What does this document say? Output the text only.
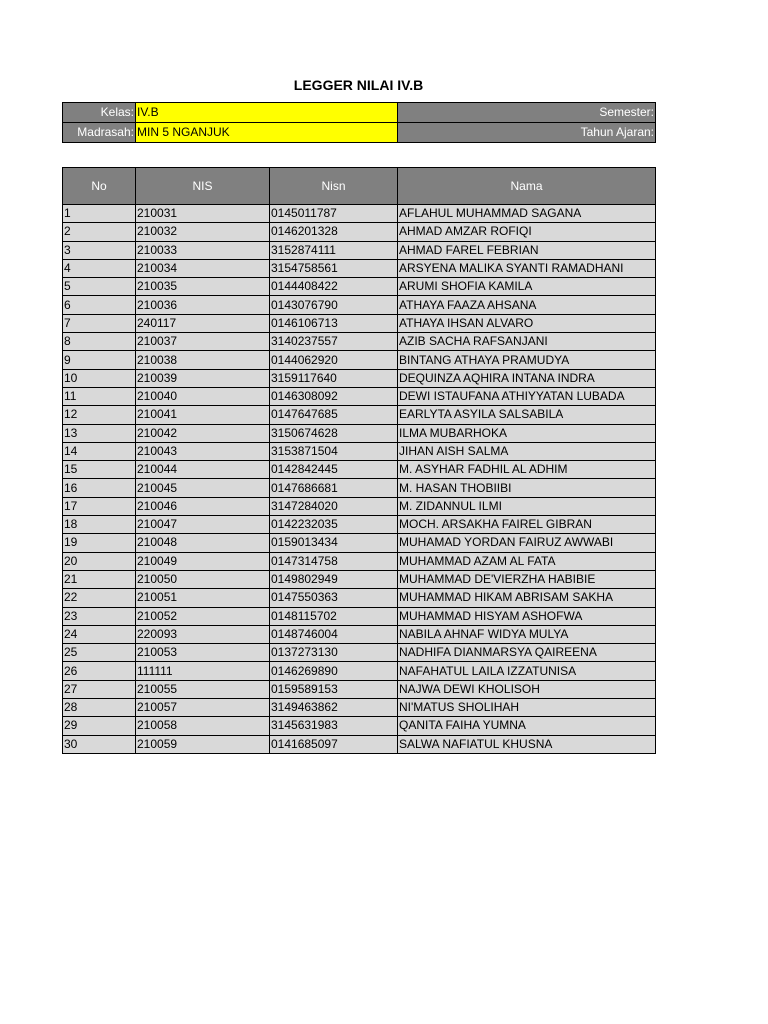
LEGGER NILAI IV.B
Kelas:	IV.B	Semester:
Madrasah:	MIN 5 NGANJUK	Tahun Ajaran:
No	NIS	Nisn	Nama
1	210031	0145011787	AFLAHUL MUHAMMAD SAGANA
2	210032	0146201328	AHMAD AMZAR ROFIQI
3	210033	3152874111	AHMAD FAREL FEBRIAN
4	210034	3154758561	ARSYENA MALIKA SYANTI RAMADHANI
5	210035	0144408422	ARUMI SHOFIA KAMILA
6	210036	0143076790	ATHAYA FAAZA AHSANA
7	240117	0146106713	ATHAYA IHSAN ALVARO
8	210037	3140237557	AZIB SACHA RAFSANJANI
9	210038	0144062920	BINTANG ATHAYA PRAMUDYA
10	210039	3159117640	DEQUINZA AQHIRA INTANA INDRA
11	210040	0146308092	DEWI ISTAUFANA ATHIYYATAN LUBADA
12	210041	0147647685	EARLYTA ASYILA SALSABILA
13	210042	3150674628	ILMA MUBARHOKA
14	210043	3153871504	JIHAN AISH SALMA
15	210044	0142842445	M. ASYHAR FADHIL AL ADHIM
16	210045	0147686681	M. HASAN THOBIIBI
17	210046	3147284020	M. ZIDANNUL ILMI
18	210047	0142232035	MOCH. ARSAKHA FAIREL GIBRAN
19	210048	0159013434	MUHAMAD YORDAN FAIRUZ AWWABI
20	210049	0147314758	MUHAMMAD AZAM AL FATA
21	210050	0149802949	MUHAMMAD DE'VIERZHA HABIBIE
22	210051	0147550363	MUHAMMAD HIKAM ABRISAM SAKHA
23	210052	0148115702	MUHAMMAD HISYAM ASHOFWA
24	220093	0148746004	NABILA AHNAF WIDYA MULYA
25	210053	0137273130	NADHIFA DIANMARSYA QAIREENA
26	111111	0146269890	NAFAHATUL LAILA IZZATUNISA
27	210055	0159589153	NAJWA DEWI KHOLISOH
28	210057	3149463862	NI'MATUS SHOLIHAH
29	210058	3145631983	QANITA FAIHA YUMNA
30	210059	0141685097	SALWA NAFIATUL KHUSNA
